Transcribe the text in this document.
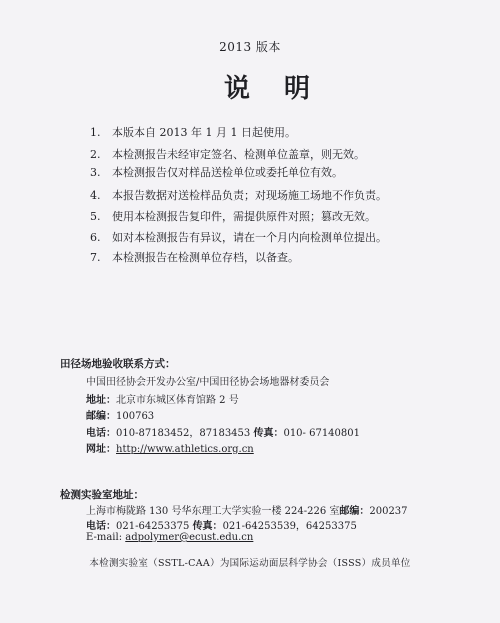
2013 版本
说明
1. 本版本自 2013 年 1 月 1 日起使用。
2. 本检测报告未经审定签名、检测单位盖章，则无效。
3. 本检测报告仅对样品送检单位或委托单位有效。
4. 本报告数据对送检样品负责；对现场施工场地不作负责。
5. 使用本检测报告复印件，需提供原件对照；篡改无效。
6. 如对本检测报告有异议，请在一个月内向检测单位提出。
7. 本检测报告在检测单位存档，以备查。
田径场地验收联系方式：
中国田径协会开发办公室/中国田径协会场地器材委员会
地址：北京市东城区体育馆路 2 号
邮编：100763
电话：010-87183452，87183453 传真：010- 67140801
网址：http://www.athletics.org.cn
检测实验室地址：
上海市梅陇路 130 号华东理工大学实验一楼 224-226 室邮编：200237
电话：021-64253375 传真：021-64253539，64253375
E-mail: adpolymer@ecust.edu.cn
本检测实验室（SSTL-CAA）为国际运动面层科学协会（ISSS）成员单位
